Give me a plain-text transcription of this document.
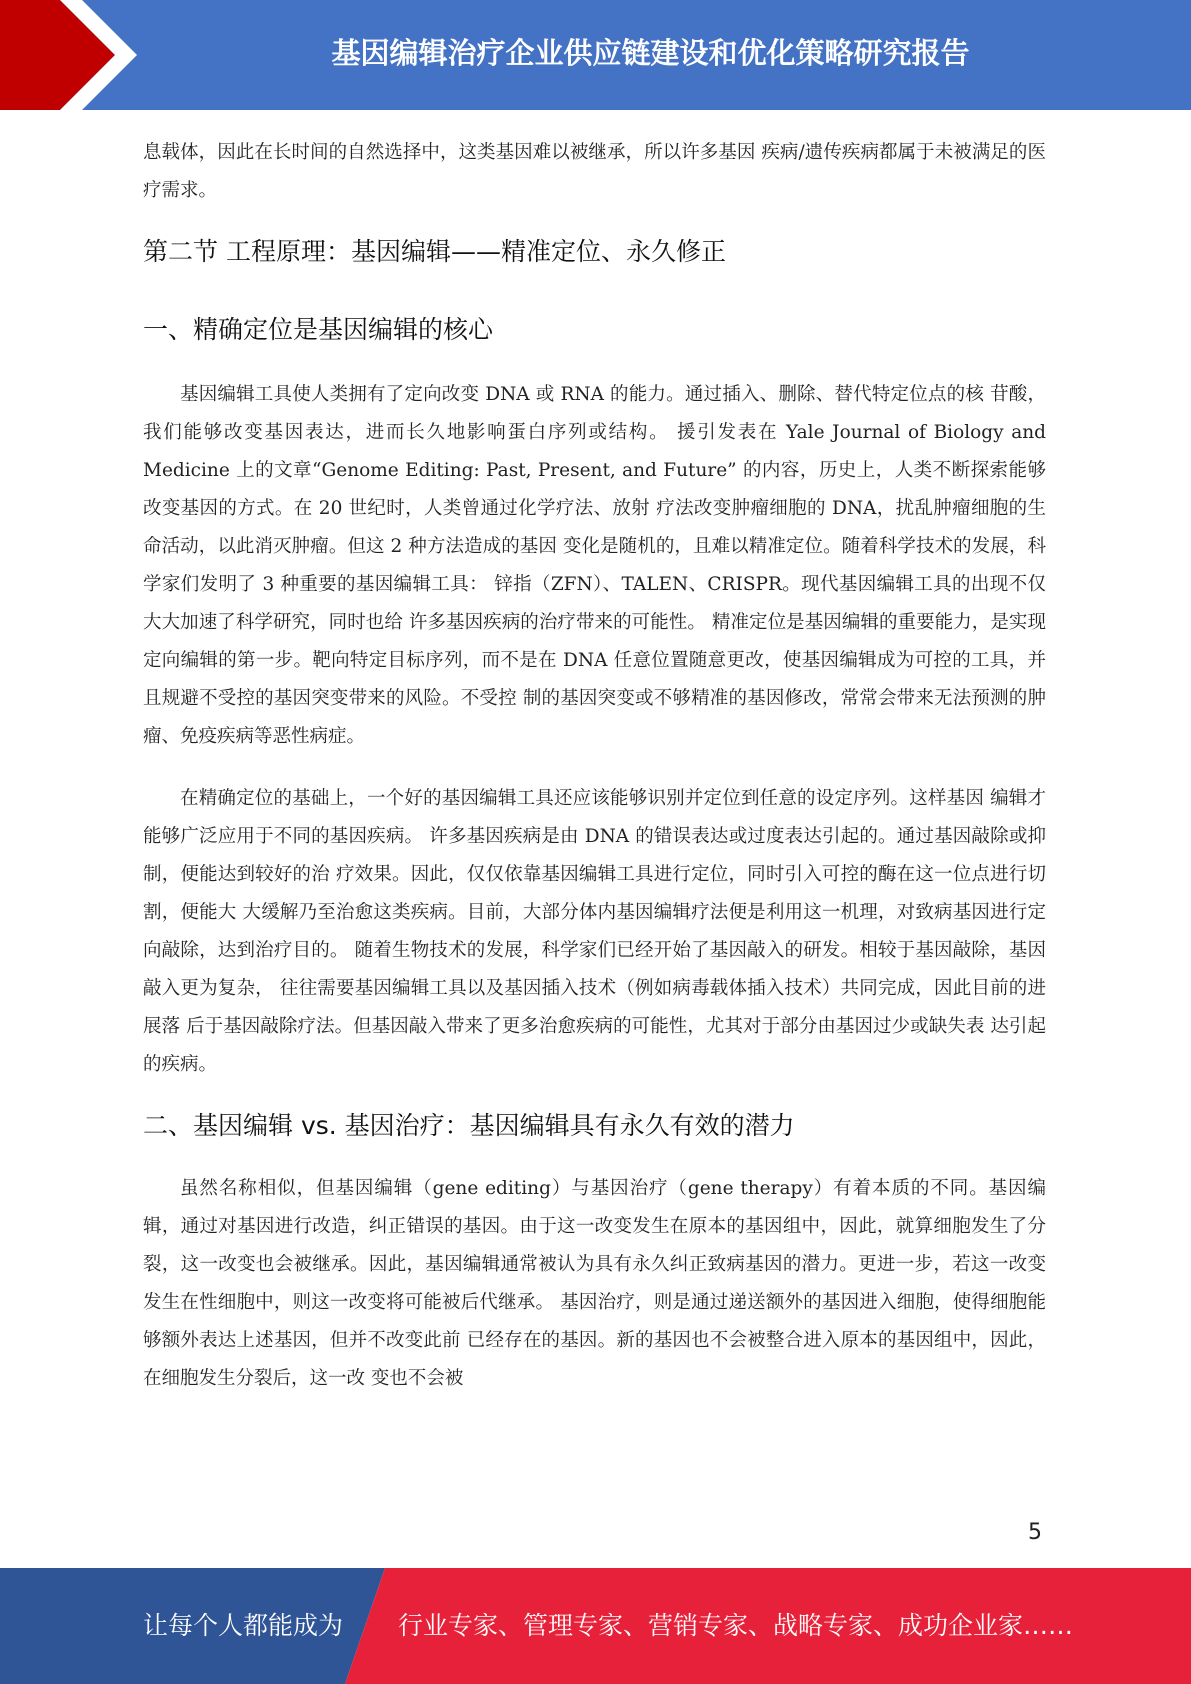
基因编辑治疗企业供应链建设和优化策略研究报告

息载体，因此在长时间的自然选择中，这类基因难以被继承，所以许多基因 疾病/遗传疾病都属于未被满足的医疗需求。

第二节 工程原理：基因编辑——精准定位、永久修正
一、精确定位是基因编辑的核心

基因编辑工具使人类拥有了定向改变 DNA 或 RNA 的能力。通过插入、删除、替代特定位点的核 苷酸，我们能够改变基因表达，进而长久地影响蛋白序列或结构。 援引发表在 Yale Journal of Biology and Medicine 上的文章“Genome Editing: Past, Present, and Future” 的内容，历史上，人类不断探索能够改变基因的方式。在 20 世纪时，人类曾通过化学疗法、放射 疗法改变肿瘤细胞的 DNA，扰乱肿瘤细胞的生命活动，以此消灭肿瘤。但这 2 种方法造成的基因 变化是随机的，且难以精准定位。随着科学技术的发展，科学家们发明了 3 种重要的基因编辑工具： 锌指（ZFN）、TALEN、CRISPR。现代基因编辑工具的出现不仅大大加速了科学研究，同时也给 许多基因疾病的治疗带来的可能性。 精准定位是基因编辑的重要能力，是实现定向编辑的第一步。靶向特定目标序列，而不是在 DNA 任意位置随意更改，使基因编辑成为可控的工具，并且规避不受控的基因突变带来的风险。不受控 制的基因突变或不够精准的基因修改，常常会带来无法预测的肿瘤、免疫疾病等恶性病症。

在精确定位的基础上，一个好的基因编辑工具还应该能够识别并定位到任意的设定序列。这样基因 编辑才能够广泛应用于不同的基因疾病。 许多基因疾病是由 DNA 的错误表达或过度表达引起的。通过基因敲除或抑制，便能达到较好的治 疗效果。因此，仅仅依靠基因编辑工具进行定位，同时引入可控的酶在这一位点进行切割，便能大 大缓解乃至治愈这类疾病。目前，大部分体内基因编辑疗法便是利用这一机理，对致病基因进行定 向敲除，达到治疗目的。 随着生物技术的发展，科学家们已经开始了基因敲入的研发。相较于基因敲除，基因敲入更为复杂， 往往需要基因编辑工具以及基因插入技术（例如病毒载体插入技术）共同完成，因此目前的进展落 后于基因敲除疗法。但基因敲入带来了更多治愈疾病的可能性，尤其对于部分由基因过少或缺失表 达引起的疾病。

二、基因编辑 vs. 基因治疗：基因编辑具有永久有效的潜力

虽然名称相似，但基因编辑（gene editing）与基因治疗（gene therapy）有着本质的不同。基因编辑，通过对基因进行改造，纠正错误的基因。由于这一改变发生在原本的基因组中，因此，就算细胞发生了分裂，这一改变也会被继承。因此，基因编辑通常被认为具有永久纠正致病基因的潜力。更进一步，若这一改变发生在性细胞中，则这一改变将可能被后代继承。 基因治疗，则是通过递送额外的基因进入细胞，使得细胞能够额外表达上述基因，但并不改变此前 已经存在的基因。新的基因也不会被整合进入原本的基因组中，因此，在细胞发生分裂后，这一改 变也不会被

5
让每个人都能成为 行业专家、管理专家、营销专家、战略专家、成功企业家……
